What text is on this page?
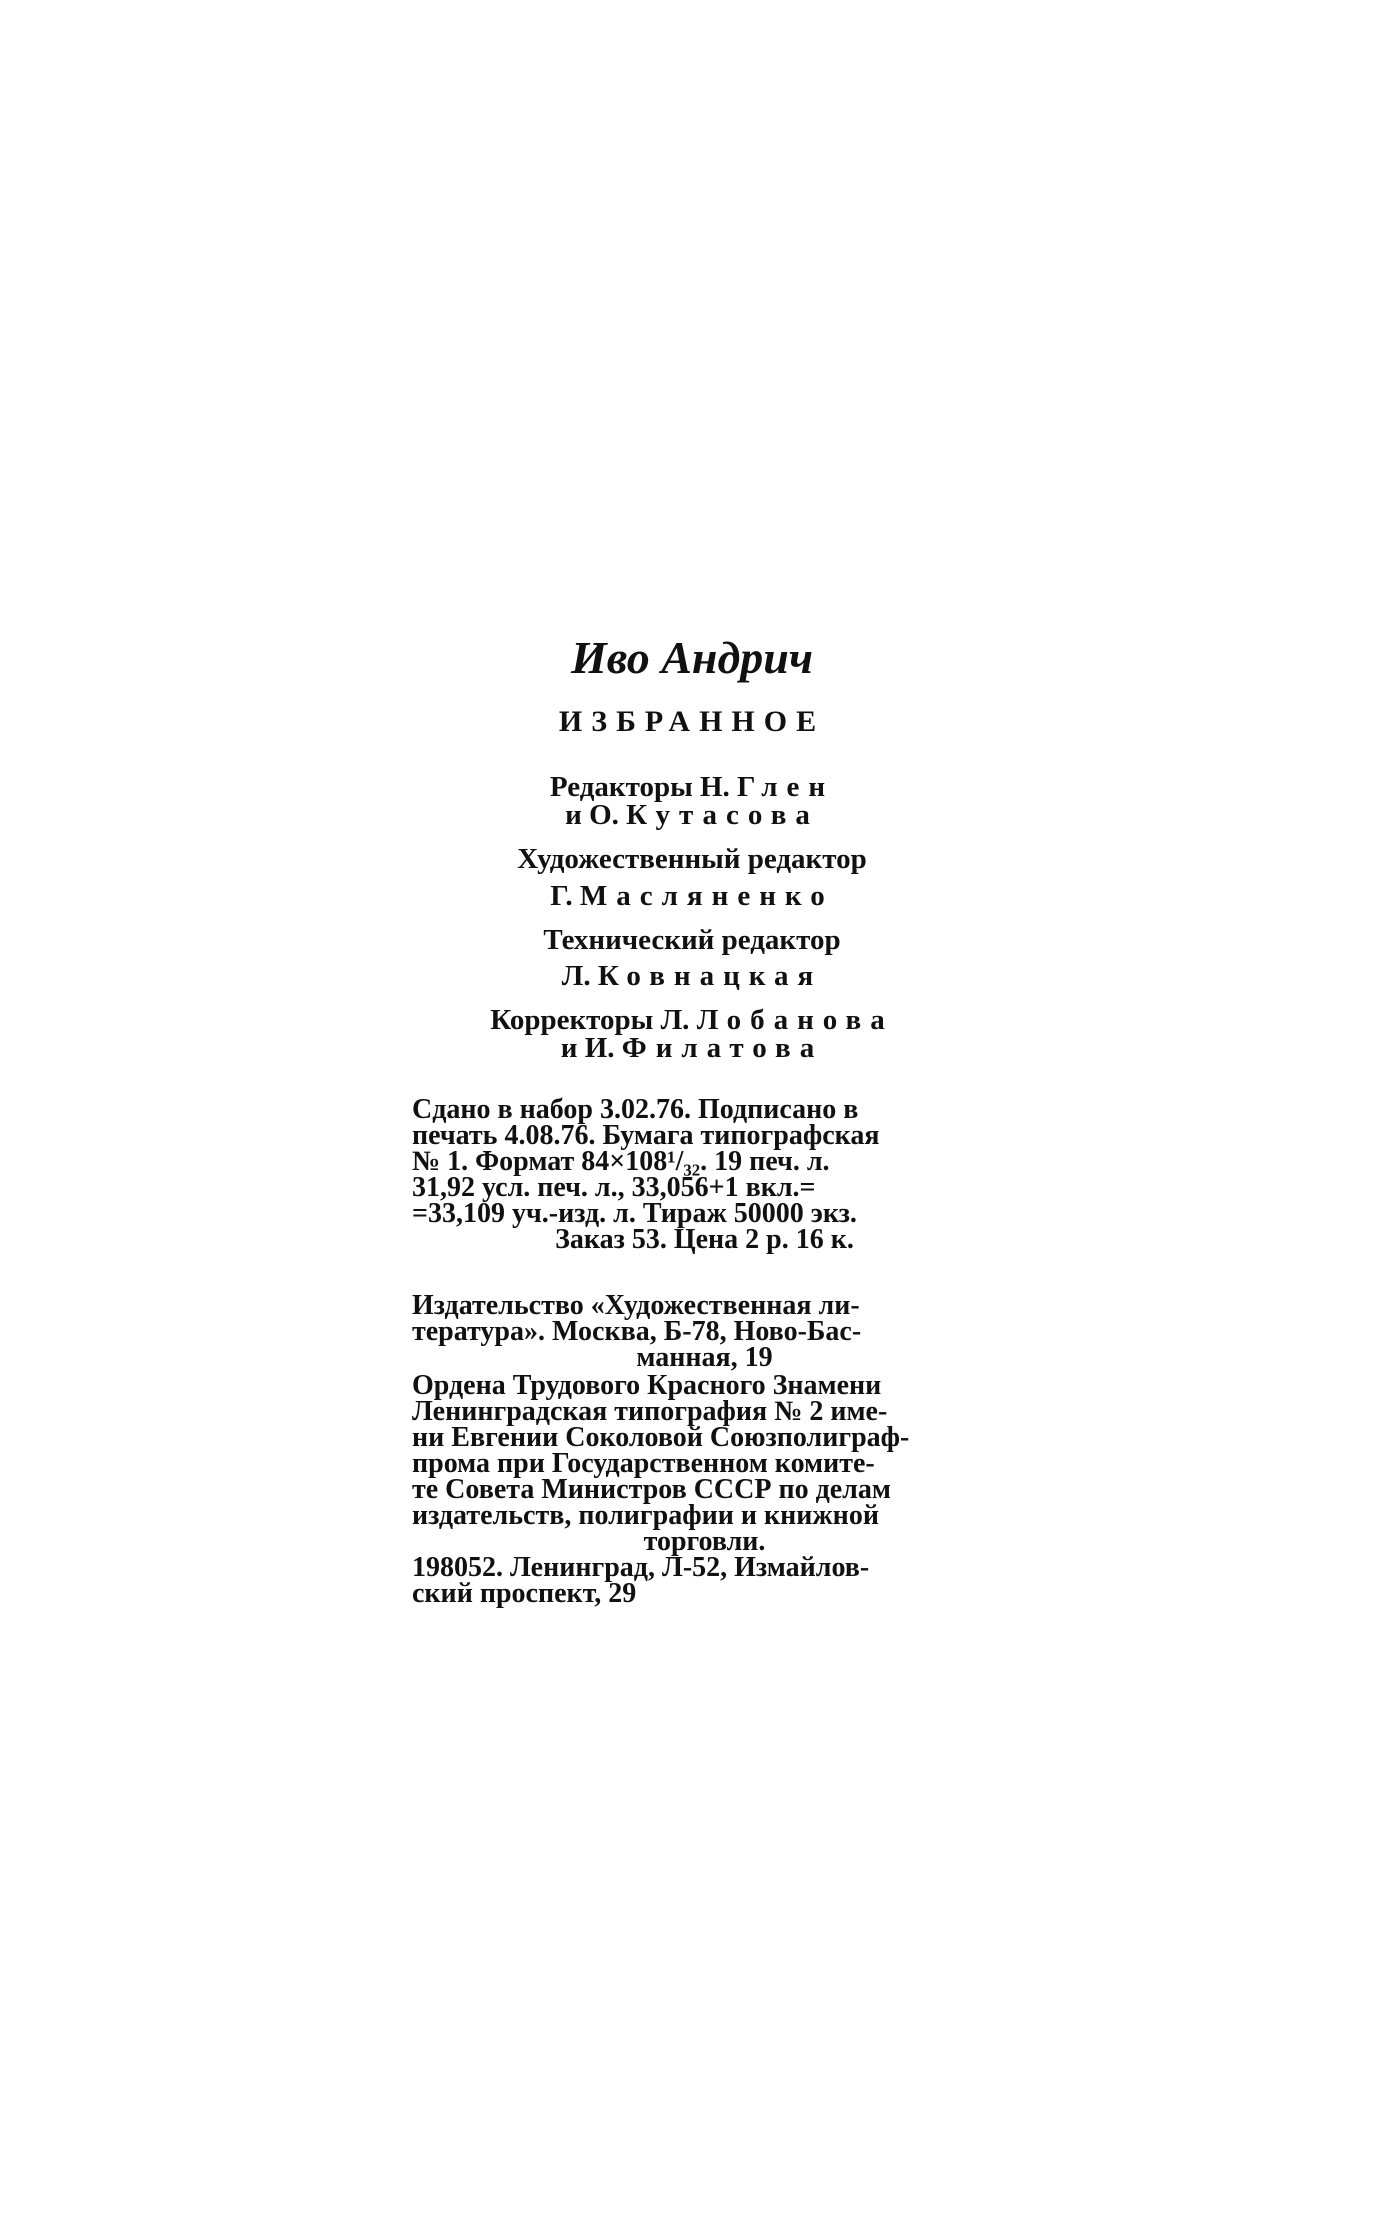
Иво Андрич
ИЗБРАННОЕ
Редакторы Н. Глен
и О. Кутасова
Художественный редактор
Г. Масляненко
Технический редактор
Л. Ковнацкая
Корректоры Л. Лобанова
и И. Филатова
Сдано в набор 3.02.76. Подписано в
печать 4.08.76. Бумага типографская
№ 1. Формат 84×108¹/₃₂. 19 печ. л.
31,92 усл. печ. л., 33,056+1 вкл.=
=33,109 уч.-изд. л. Тираж 50000 экз.
Заказ 53. Цена 2 р. 16 к.
Издательство «Художественная ли-
тература». Москва, Б-78, Ново-Бас-
манная, 19
Ордена Трудового Красного Знамени
Ленинградская типография № 2 име-
ни Евгении Соколовой Союзполиграф-
прома при Государственном комите-
те Совета Министров СССР по делам
издательств, полиграфии и книжной
торговли.
198052. Ленинград, Л-52, Измайлов-
ский проспект, 29
